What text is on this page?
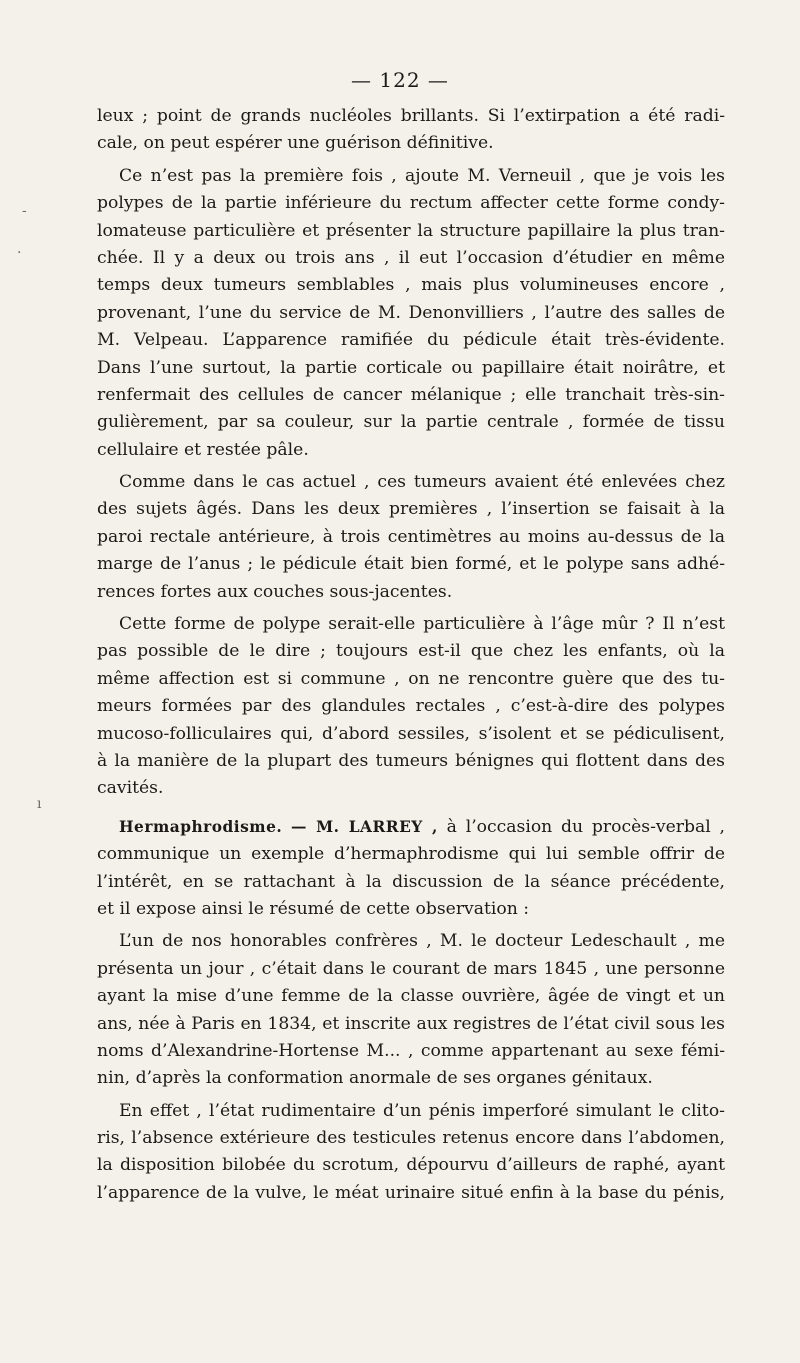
— 122 —
‐
·
ı
leux ; point de grands nucléoles brillants. Si l’extirpation a été radi-
cale, on peut espérer une guérison définitive.
Ce n’est pas la première fois , ajoute M. Verneuil , que je vois les
polypes de la partie inférieure du rectum affecter cette forme condy-
lomateuse particulière et présenter la structure papillaire la plus tran-
chée. Il y a deux ou trois ans , il eut l’occasion d’étudier en même
temps deux tumeurs semblables , mais plus volumineuses encore ,
provenant, l’une du service de M. Denonvilliers , l’autre des salles de
M. Velpeau. L’apparence ramifiée du pédicule était très-évidente.
Dans l’une surtout, la partie corticale ou papillaire était noirâtre, et
renfermait des cellules de cancer mélanique ; elle tranchait très-sin-
gulièrement, par sa couleur, sur la partie centrale , formée de tissu
cellulaire et restée pâle.
Comme dans le cas actuel , ces tumeurs avaient été enlevées chez
des sujets âgés. Dans les deux premières , l’insertion se faisait à la
paroi rectale antérieure, à trois centimètres au moins au-dessus de la
marge de l’anus ; le pédicule était bien formé, et le polype sans adhé-
rences fortes aux couches sous-jacentes.
Cette forme de polype serait-elle particulière à l’âge mûr ? Il n’est
pas possible de le dire ; toujours est-il que chez les enfants, où la
même affection est si commune , on ne rencontre guère que des tu-
meurs formées par des glandules rectales , c’est-à-dire des polypes
mucoso-folliculaires qui, d’abord sessiles, s’isolent et se pédiculisent,
à la manière de la plupart des tumeurs bénignes qui flottent dans des
cavités.
Hermaphrodisme. — M. LARREY , à l’occasion du procès-verbal ,
communique un exemple d’hermaphrodisme qui lui semble offrir de
l’intérêt, en se rattachant à la discussion de la séance précédente,
et il expose ainsi le résumé de cette observation :
L’un de nos honorables confrères , M. le docteur Ledeschault , me
présenta un jour , c’était dans le courant de mars 1845 , une personne
ayant la mise d’une femme de la classe ouvrière, âgée de vingt et un
ans, née à Paris en 1834, et inscrite aux registres de l’état civil sous les
noms d’Alexandrine-Hortense M... , comme appartenant au sexe fémi-
nin, d’après la conformation anormale de ses organes génitaux.
En effet , l’état rudimentaire d’un pénis imperforé simulant le clito-
ris, l’absence extérieure des testicules retenus encore dans l’abdomen,
la disposition bilobée du scrotum, dépourvu d’ailleurs de raphé, ayant
l’apparence de la vulve, le méat urinaire situé enfin à la base du pénis,
